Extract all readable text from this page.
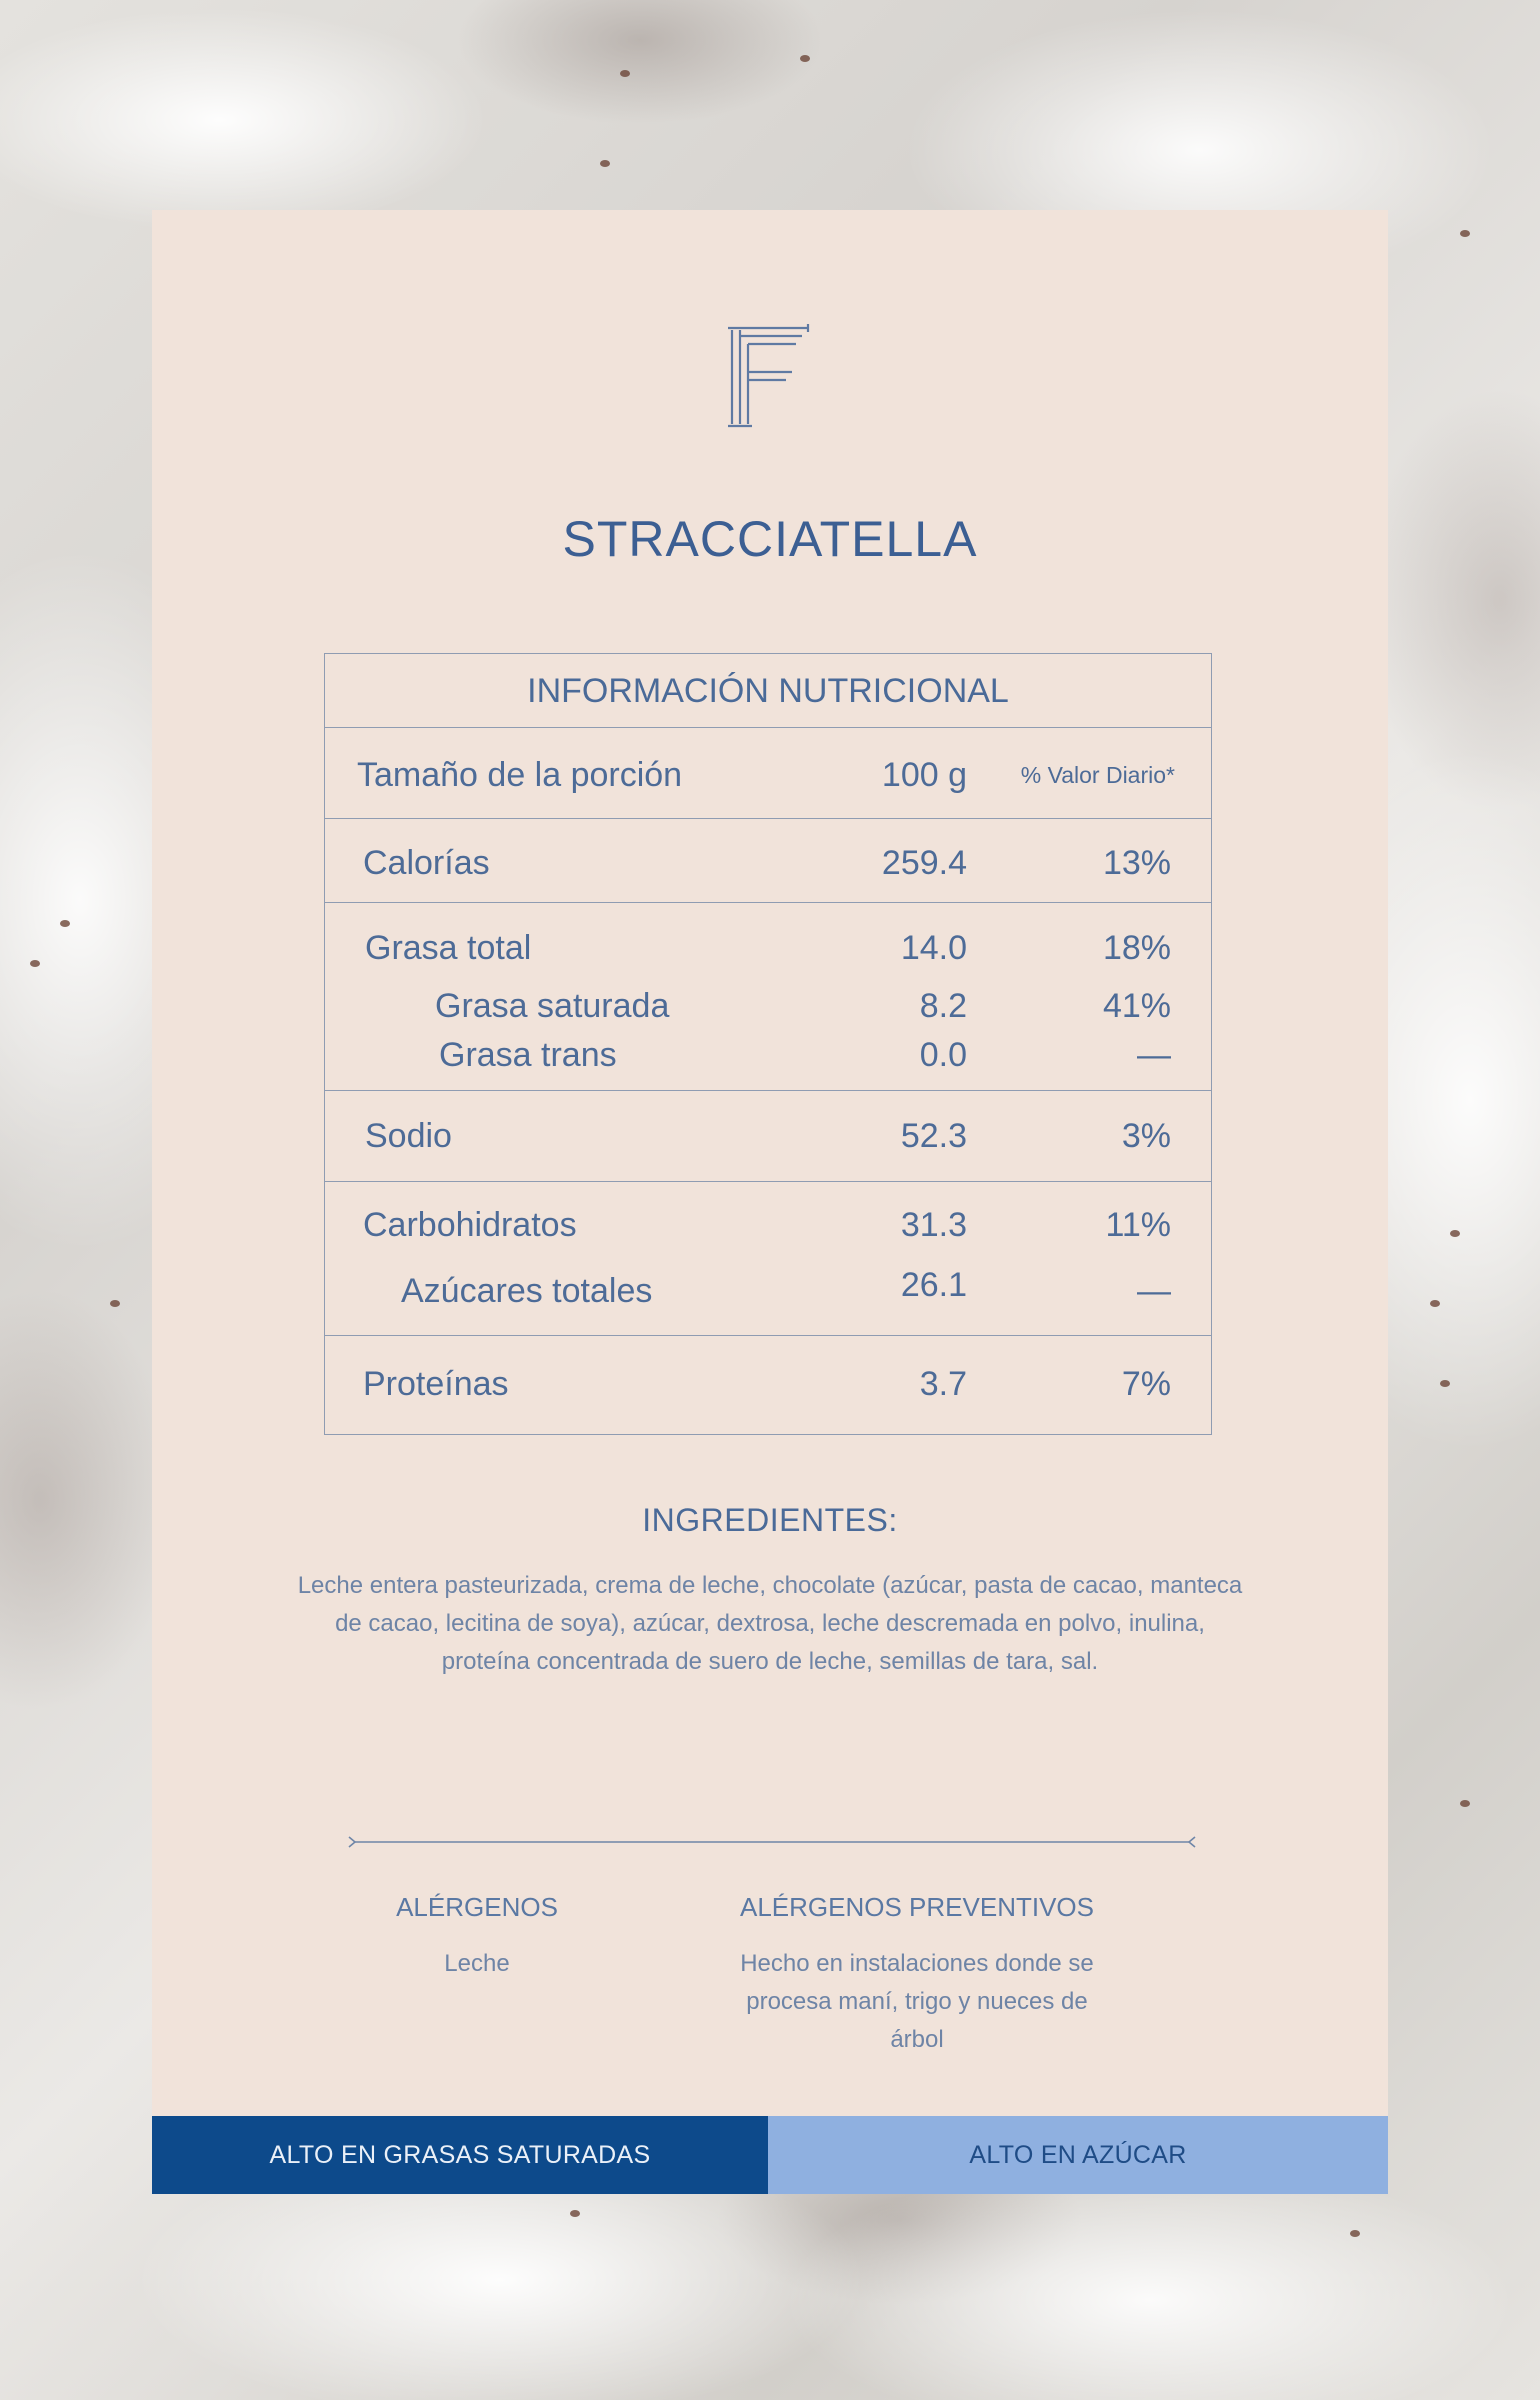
STRACCIATELLA
INFORMACIÓN NUTRICIONAL
Tamaño de la porción	100 g % Valor Diario*
Calorías	259.4	13%
Grasa total	14.0	18%
Grasa saturada	8.2	41%
Grasa trans	0.0	—
Sodio	52.3	3%
Carbohidratos	31.3	11%
Azúcares totales	26.1	—
Proteínas	3.7	7%
INGREDIENTES:
Leche entera pasteurizada, crema de leche, chocolate (azúcar, pasta de cacao, manteca de cacao, lecitina de soya), azúcar, dextrosa, leche descremada en polvo, inulina, proteína concentrada de suero de leche, semillas de tara, sal.
ALÉRGENOS
Leche
ALÉRGENOS PREVENTIVOS
Hecho en instalaciones donde se procesa maní, trigo y nueces de árbol
ALTO EN GRASAS SATURADAS	ALTO EN AZÚCAR
